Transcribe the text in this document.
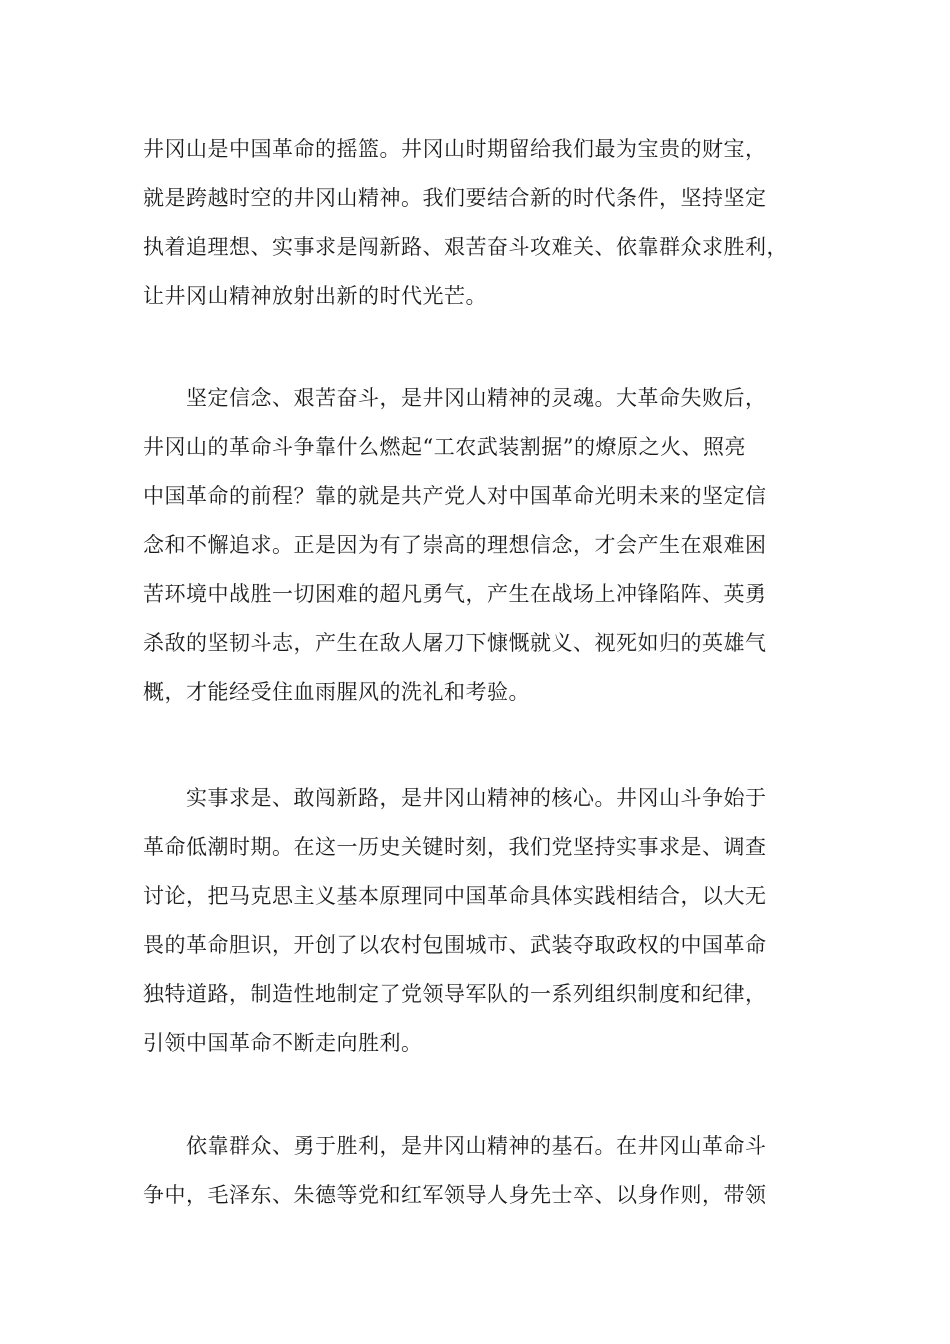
井冈山是中国革命的摇篮。井冈山时期留给我们最为宝贵的财宝，
就是跨越时空的井冈山精神。我们要结合新的时代条件，坚持坚定
执着追理想、实事求是闯新路、艰苦奋斗攻难关、依靠群众求胜利，
让井冈山精神放射出新的时代光芒。
　　坚定信念、艰苦奋斗，是井冈山精神的灵魂。大革命失败后，
井冈山的革命斗争靠什么燃起“工农武装割据”的燎原之火、照亮
中国革命的前程？靠的就是共产党人对中国革命光明未来的坚定信
念和不懈追求。正是因为有了崇高的理想信念，才会产生在艰难困
苦环境中战胜一切困难的超凡勇气，产生在战场上冲锋陷阵、英勇
杀敌的坚韧斗志，产生在敌人屠刀下慷慨就义、视死如归的英雄气
概，才能经受住血雨腥风的洗礼和考验。
　　实事求是、敢闯新路，是井冈山精神的核心。井冈山斗争始于
革命低潮时期。在这一历史关键时刻，我们党坚持实事求是、调查
讨论，把马克思主义基本原理同中国革命具体实践相结合，以大无
畏的革命胆识，开创了以农村包围城市、武装夺取政权的中国革命
独特道路，制造性地制定了党领导军队的一系列组织制度和纪律，
引领中国革命不断走向胜利。
　　依靠群众、勇于胜利，是井冈山精神的基石。在井冈山革命斗
争中，毛泽东、朱德等党和红军领导人身先士卒、以身作则，带领
